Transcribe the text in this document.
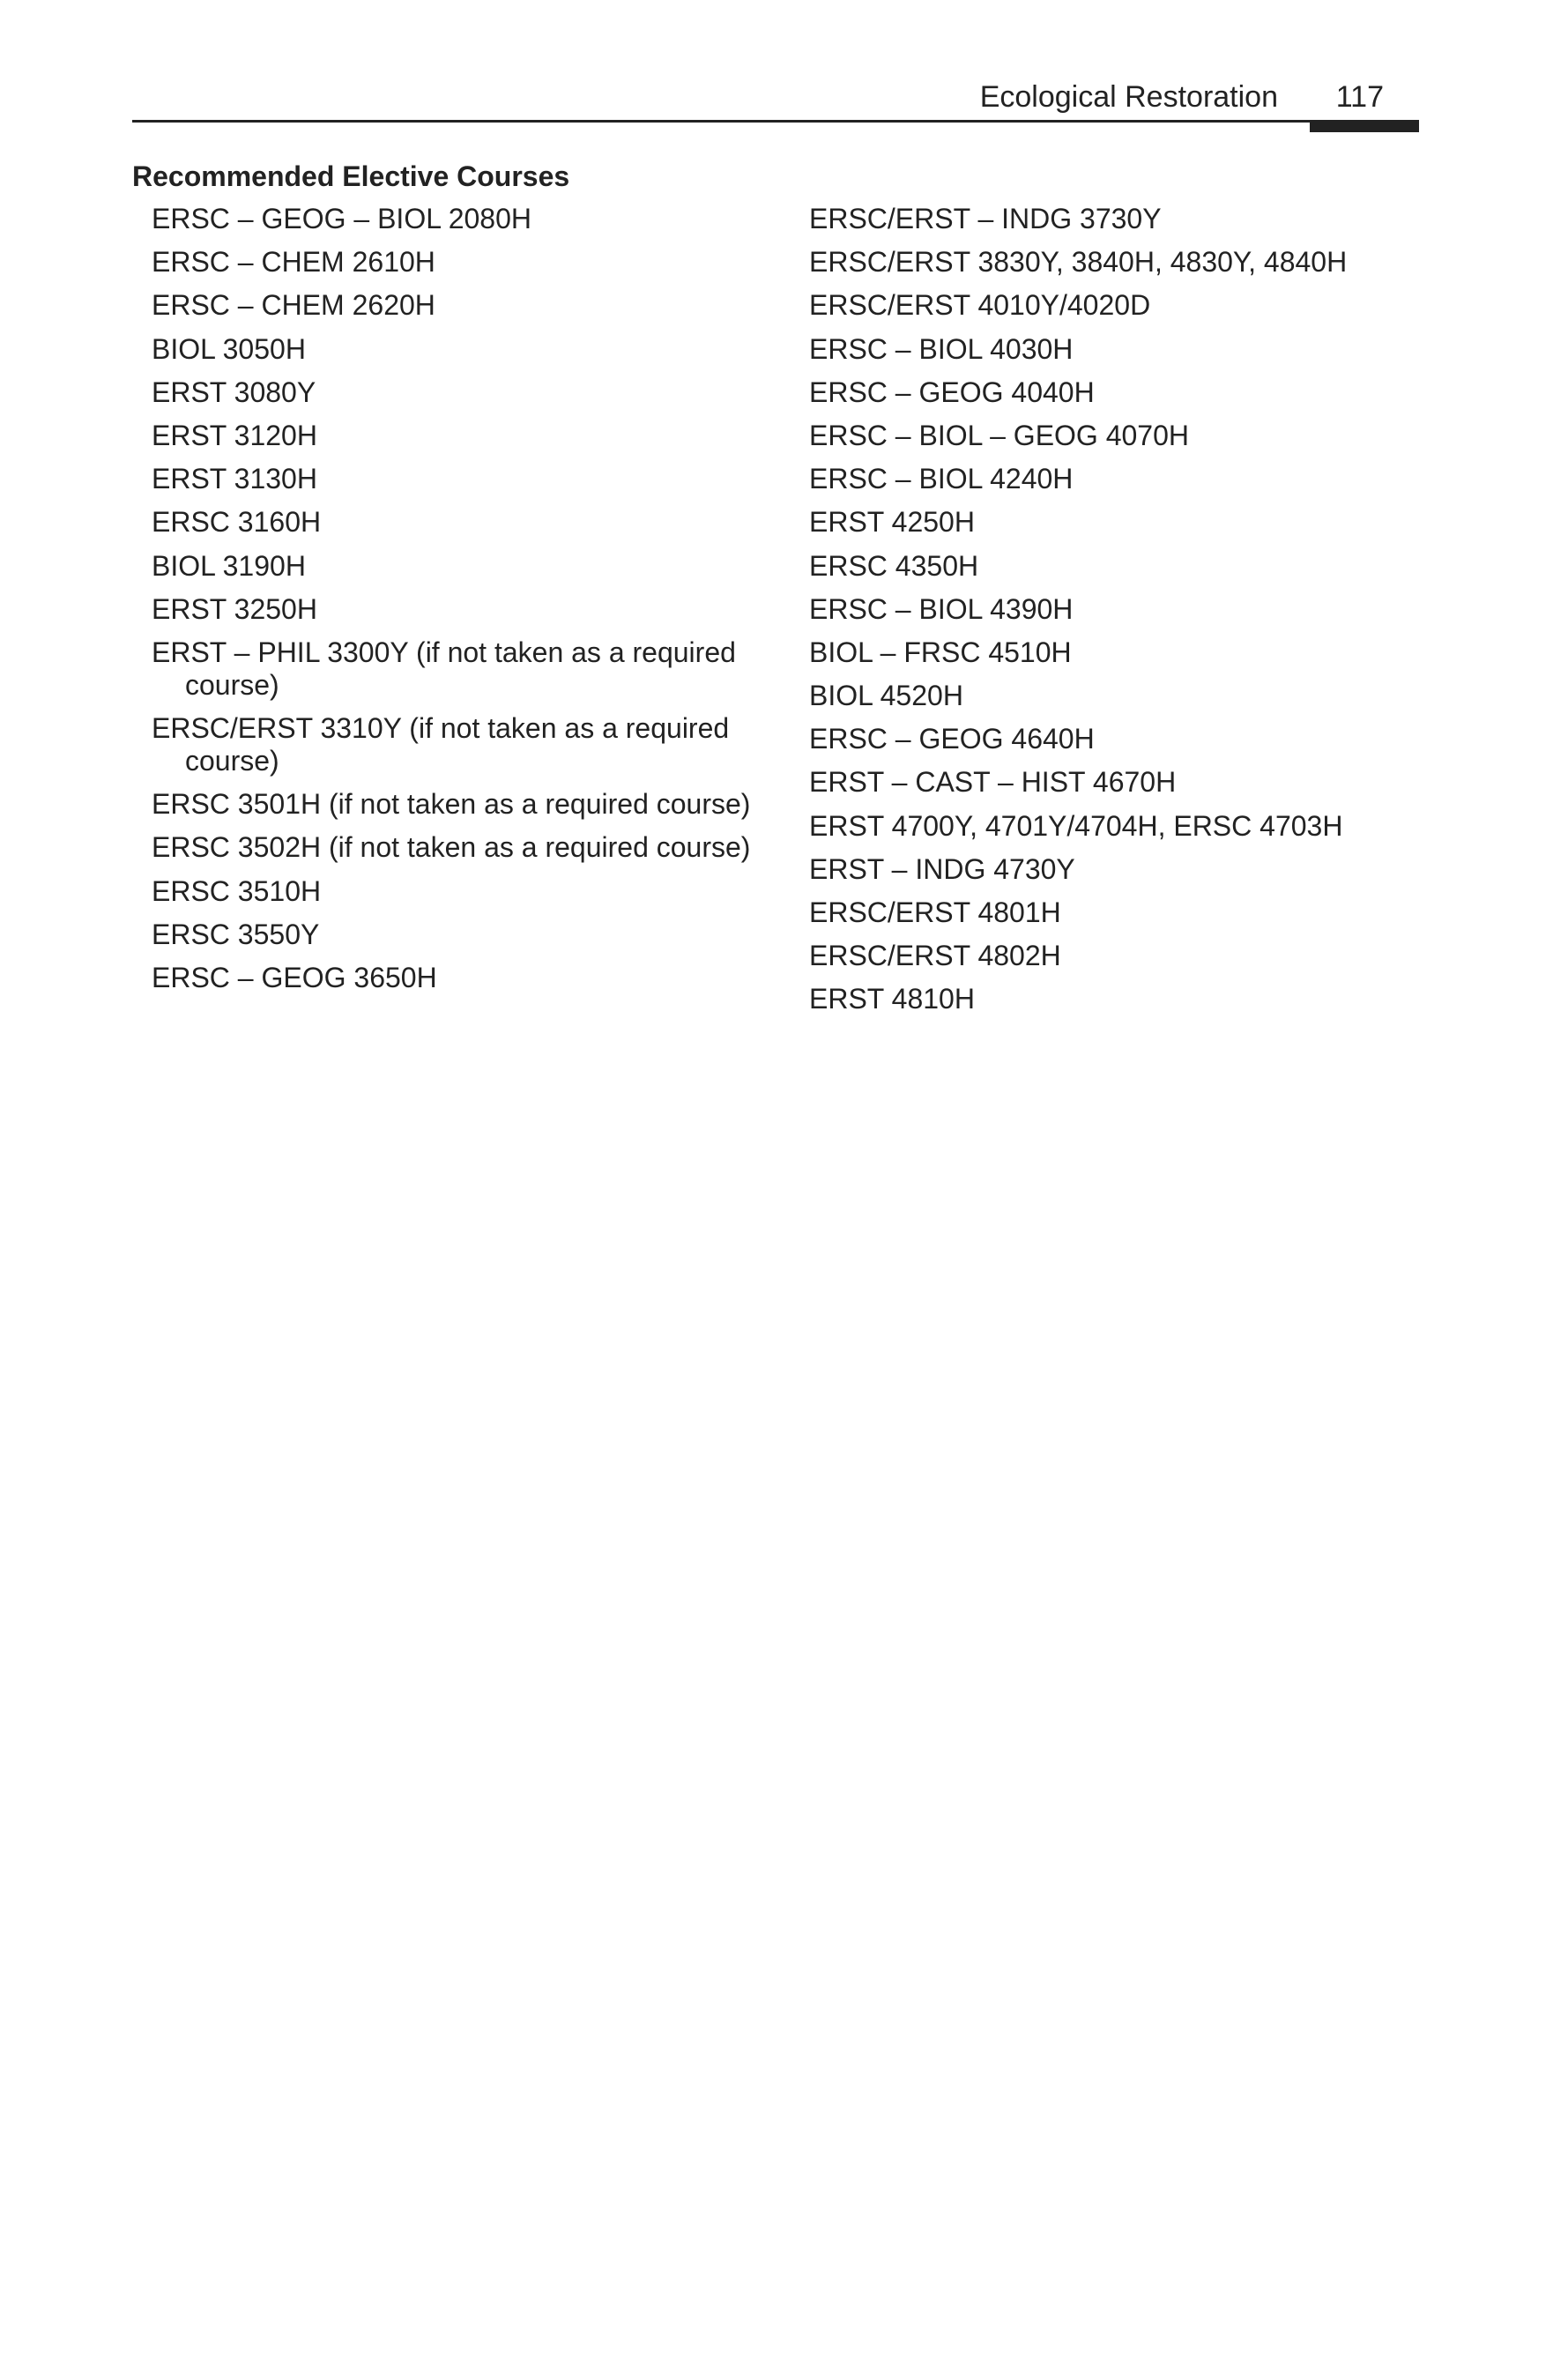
Ecological Restoration 117
Recommended Elective Courses
ERSC – GEOG – BIOL 2080H
ERSC – CHEM 2610H
ERSC – CHEM 2620H
BIOL 3050H
ERST 3080Y
ERST 3120H
ERST 3130H
ERSC 3160H
BIOL 3190H
ERST 3250H
ERST – PHIL 3300Y (if not taken as a required course)
ERSC/ERST 3310Y (if not taken as a required course)
ERSC 3501H (if not taken as a required course)
ERSC 3502H (if not taken as a required course)
ERSC 3510H
ERSC 3550Y
ERSC – GEOG 3650H
ERSC/ERST – INDG 3730Y
ERSC/ERST 3830Y, 3840H, 4830Y, 4840H
ERSC/ERST 4010Y/4020D
ERSC – BIOL 4030H
ERSC – GEOG 4040H
ERSC – BIOL – GEOG 4070H
ERSC – BIOL 4240H
ERST 4250H
ERSC 4350H
ERSC – BIOL 4390H
BIOL – FRSC 4510H
BIOL 4520H
ERSC – GEOG 4640H
ERST – CAST – HIST 4670H
ERST 4700Y, 4701Y/4704H, ERSC 4703H
ERST – INDG 4730Y
ERSC/ERST 4801H
ERSC/ERST 4802H
ERST 4810H
